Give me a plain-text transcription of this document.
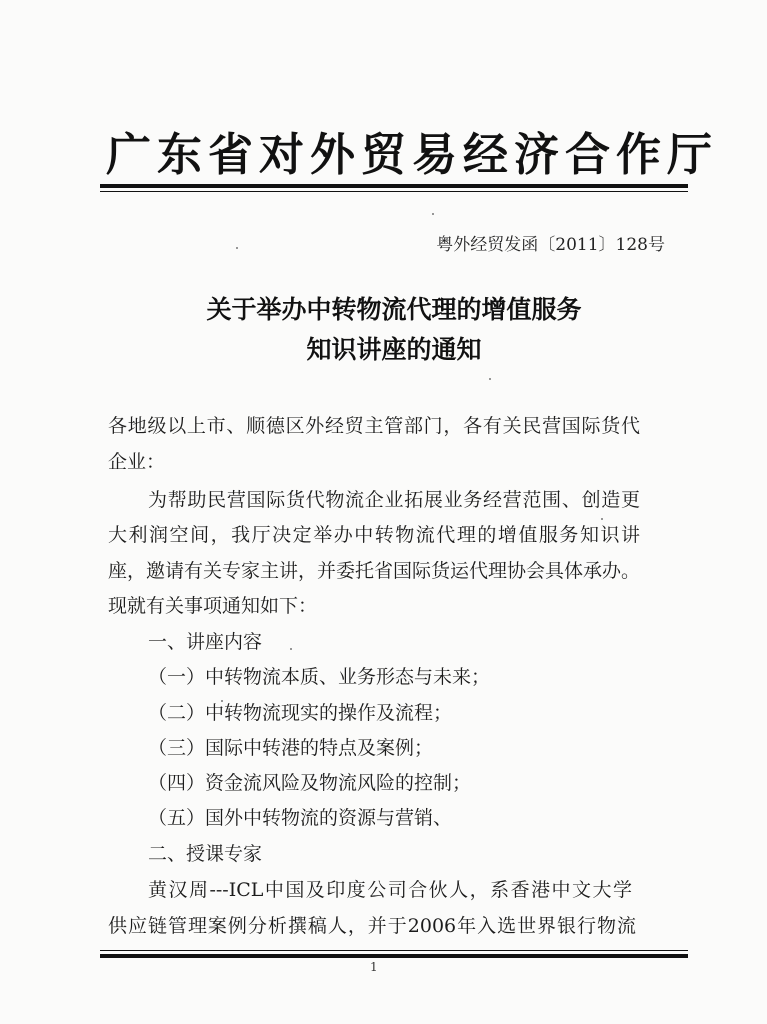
广东省对外贸易经济合作厅
粤外经贸发函〔2011〕128号
关于举办中转物流代理的增值服务
知识讲座的通知
各地级以上市、顺德区外经贸主管部门，各有关民营国际货代
企业：
为帮助民营国际货代物流企业拓展业务经营范围、创造更
大利润空间，我厅决定举办中转物流代理的增值服务知识讲
座，邀请有关专家主讲，并委托省国际货运代理协会具体承办。
现就有关事项通知如下：
一、讲座内容
（一）中转物流本质、业务形态与未来；
（二）中转物流现实的操作及流程；
（三）国际中转港的特点及案例；
（四）资金流风险及物流风险的控制；
（五）国外中转物流的资源与营销、
二、授课专家
黄汉周---ICL中国及印度公司合伙人，系香港中文大学
供应链管理案例分析撰稿人，并于2006年入选世界银行物流
1
